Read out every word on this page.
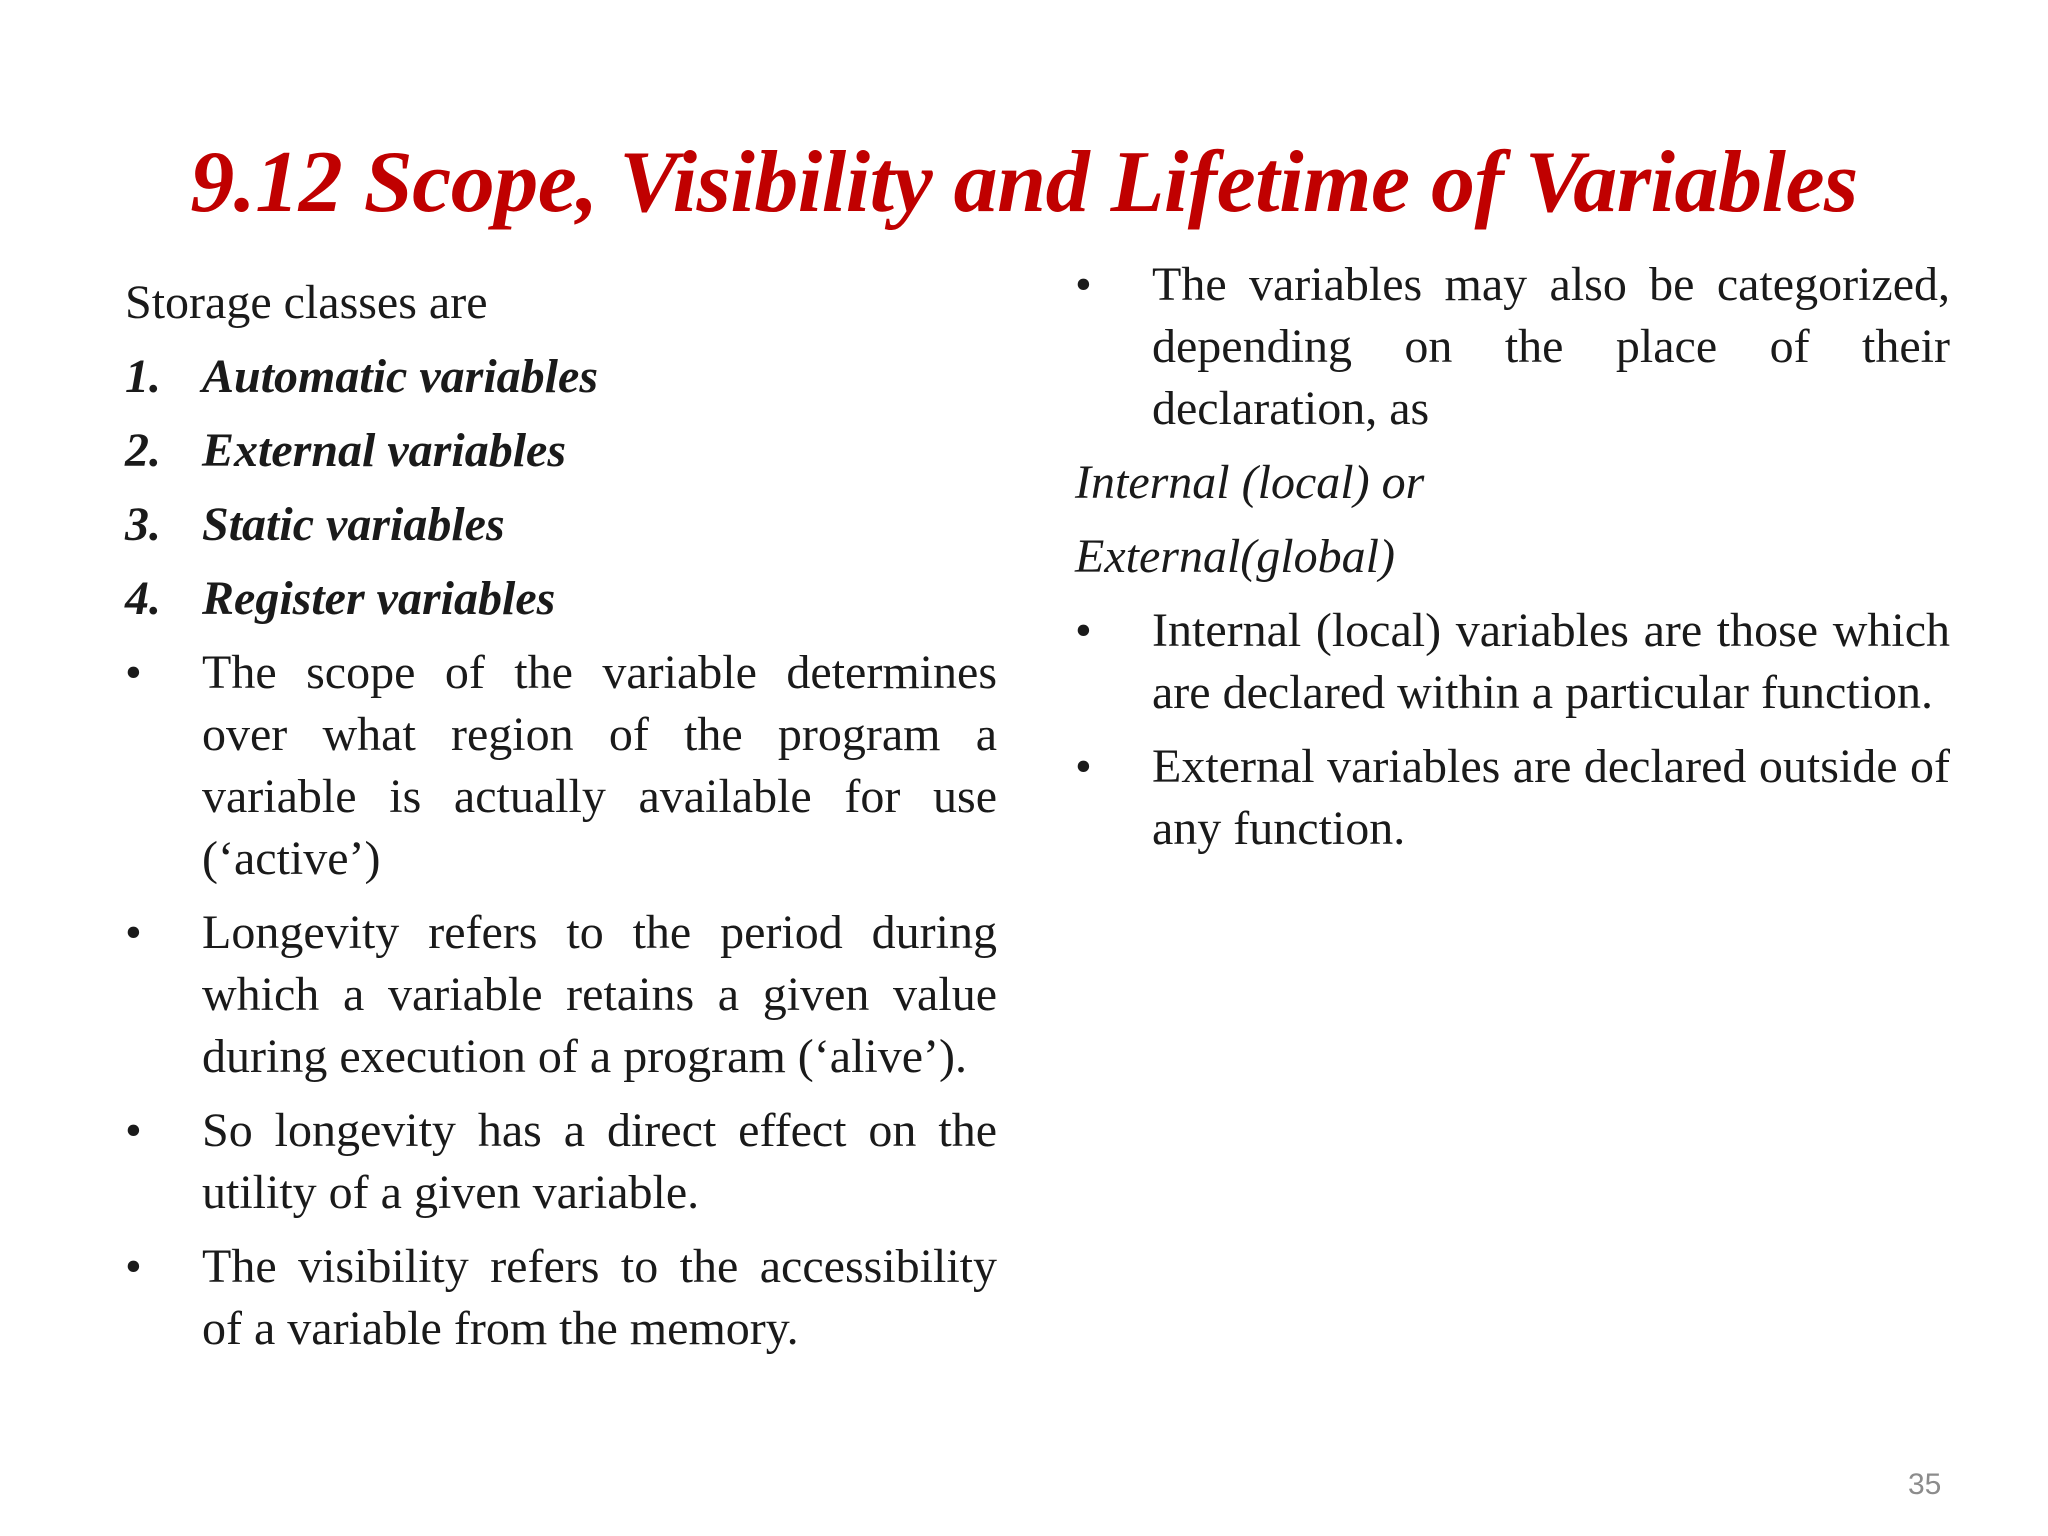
9.12 Scope, Visibility and Lifetime of Variables

Storage classes are

1. Automatic variables
2. External variables
3. Static variables
4. Register variables
•	The scope of the variable determines over what region of the program a variable is actually available for use (‘active’)
•	Longevity refers to the period during which a variable retains a given value during execution of a program (‘alive’).
•	So longevity has a direct effect on the utility of a given variable.
•	The visibility refers to the accessibility of a variable from the memory.
•	The variables may also be categorized, depending on the place of their declaration, as

Internal (local) or

External(global)

•	Internal (local) variables are those which are declared within a particular function.
•	External variables are declared outside of any function.
35
